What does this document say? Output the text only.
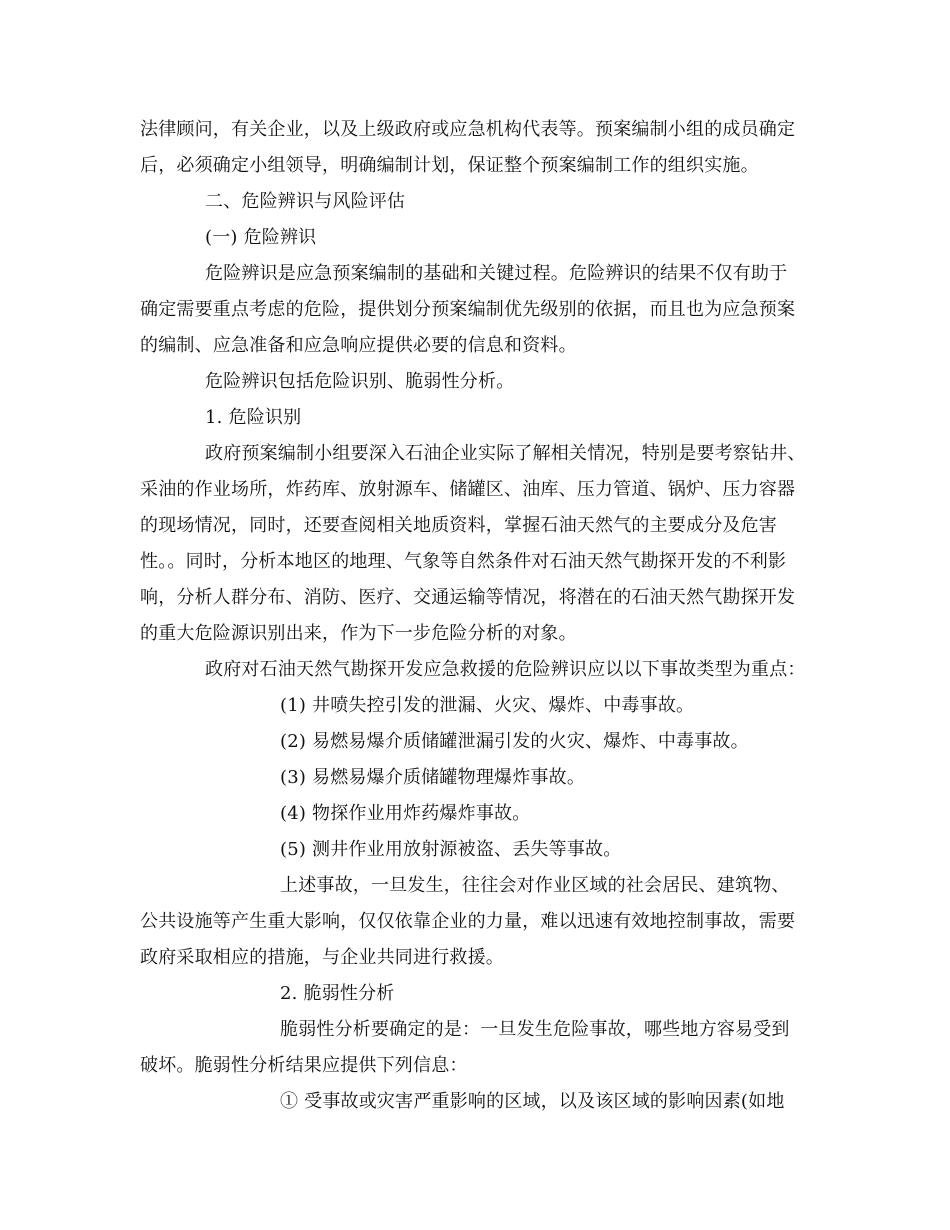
法律顾问，有关企业，以及上级政府或应急机构代表等。预案编制小组的成员确定
后，必须确定小组领导，明确编制计划，保证整个预案编制工作的组织实施。
二、危险辨识与风险评估
(一) 危险辨识
危险辨识是应急预案编制的基础和关键过程。危险辨识的结果不仅有助于
确定需要重点考虑的危险，提供划分预案编制优先级别的依据，而且也为应急预案
的编制、应急准备和应急响应提供必要的信息和资料。
危险辨识包括危险识别、脆弱性分析。
1. 危险识别
政府预案编制小组要深入石油企业实际了解相关情况，特别是要考察钻井、
采油的作业场所，炸药库、放射源车、储罐区、油库、压力管道、锅炉、压力容器
的现场情况，同时，还要查阅相关地质资料，掌握石油天然气的主要成分及危害
性。。同时，分析本地区的地理、气象等自然条件对石油天然气勘探开发的不利影
响，分析人群分布、消防、医疗、交通运输等情况，将潜在的石油天然气勘探开发
的重大危险源识别出来，作为下一步危险分析的对象。
政府对石油天然气勘探开发应急救援的危险辨识应以以下事故类型为重点：
(1) 井喷失控引发的泄漏、火灾、爆炸、中毒事故。
(2) 易燃易爆介质储罐泄漏引发的火灾、爆炸、中毒事故。
(3) 易燃易爆介质储罐物理爆炸事故。
(4) 物探作业用炸药爆炸事故。
(5) 测井作业用放射源被盗、丢失等事故。
上述事故，一旦发生，往往会对作业区域的社会居民、建筑物、
公共设施等产生重大影响，仅仅依靠企业的力量，难以迅速有效地控制事故，需要
政府采取相应的措施，与企业共同进行救援。
2. 脆弱性分析
脆弱性分析要确定的是：一旦发生危险事故，哪些地方容易受到
破坏。脆弱性分析结果应提供下列信息：
① 受事故或灾害严重影响的区域，以及该区域的影响因素(如地
